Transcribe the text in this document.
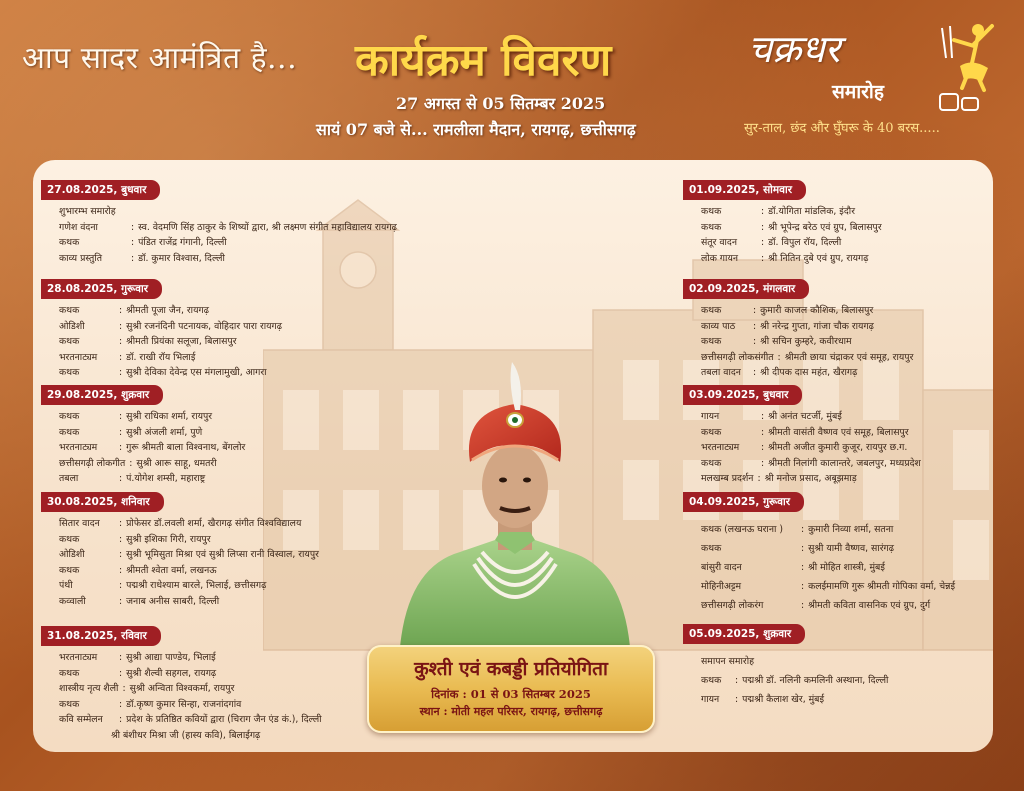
आप सादर आमंत्रित है... कार्यक्रम विवरण
27 अगस्त से 05 सितम्बर 2025
सायं 07 बजे से... रामलीला मैदान, रायगढ़, छत्तीसगढ़
चक्रधर
समारोह
सुर-ताल, छंद और घुँघरू के 40 बरस.....
27.08.2025, बुधवार
शुभारम्भ समारोह
गणेश वंदना	: स्व. वेदमणि सिंह ठाकुर के शिष्यों द्वारा, श्री लक्ष्मण संगीत महाविद्यालय रायगढ़
कथक	: पंडित राजेंद्र गंगानी, दिल्ली
काव्य प्रस्तुति	: डॉ. कुमार विश्वास, दिल्ली
28.08.2025, गुरूवार
कथक	: श्रीमती पूजा जैन, रायगढ़
ओडिशी	: सुश्री रजनंदिनी पटनायक, वोहिदार पारा रायगढ़
कथक	: श्रीमती प्रियंका सलूजा, बिलासपुर
भरतनाट्यम	: डॉ. राखी रॉय भिलाई
कथक	: सुश्री देविका देवेन्द्र एस मंगलामुखी, आगरा
29.08.2025, शुक्रवार
कथक	: सुश्री राधिका शर्मा, रायपुर
कथक	: सुश्री अंजली शर्मा, पुणे
भरतनाट्यम	: गुरू श्रीमती बाला विश्वनाथ, बेंगलोर
छत्तीसगढ़ी लोकगीत : सुश्री आरू साहू, धमतरी
तबला	: पं.योगेश शम्सी, महाराष्ट्र
30.08.2025, शनिवार
सितार वादन	: प्रोफेसर डॉ.लवली शर्मा, खैरागढ़ संगीत विश्वविद्यालय
कथक	: सुश्री इशिका गिरी, रायपुर
ओडिशी	: सुश्री भूमिसुता मिश्रा एवं सुश्री लिप्सा रानी विस्वाल, रायपुर
कथक	: श्रीमती श्वेता वर्मा, लखनऊ
पंथी	: पद्मश्री राधेश्याम बारले, भिलाई, छत्तीसगढ़
कव्वाली	: जनाब अनीस साबरी, दिल्ली
31.08.2025, रविवार
भरतनाट्यम	: सुश्री आद्या पाण्डेय, भिलाई
कथक	: सुश्री शैल्वी सहगल, रायगढ़
शास्त्रीय नृत्य शैली : सुश्री अन्विता विश्वकर्मा, रायपुर
कथक	: डॉ.कृष्ण कुमार सिन्हा, राजनांदगांव
कवि सम्मेलन	: प्रदेश के प्रतिष्ठित कवियों द्वारा (चिराग जैन एंड कं.), दिल्ली
श्री बंशीधर मिश्रा जी (हास्य कवि), बिलाईगढ़
01.09.2025, सोमवार
कथक	: डॉ.योगिता मांडलिक, इंदौर
कथक	: श्री भूपेन्द्र बरेठ एवं ग्रुप, बिलासपुर
संतूर वादन	: डॉ. विपुल रॉय, दिल्ली
लोक गायन	: श्री नितिन दुबे एवं ग्रुप, रायगढ़
02.09.2025, मंगलवार
कथक	: कुमारी काजल कौशिक, बिलासपुर
काव्य पाठ	: श्री नरेन्द्र गुप्ता, गांजा चौक रायगढ़
कथक	: श्री सचिन कुम्हरे, कवीरधाम
छत्तीसगढ़ी लोकसंगीत : श्रीमती छाया चंद्राकर एवं समूह, रायपुर
तबला वादन	: श्री दीपक दास महंत, खैरागढ़
03.09.2025, बुधवार
गायन	: श्री अनंत चटर्जी, मुंबई
कथक	: श्रीमती वासंती वैष्णव एवं समूह, बिलासपुर
भरतनाट्यम	: श्रीमती अजीत कुमारी कुजूर, रायपुर छ.ग.
कथक	: श्रीमती निलांगी कालान्तरे, जबलपुर, मध्यप्रदेश
मलखम्ब प्रदर्शन : श्री मनोज प्रसाद, अबूझमाड़
04.09.2025, गुरूवार
कथक (लखनऊ घराना )	: कुमारी निव्या शर्मा, सतना
कथक	: सुश्री यामी वैष्णव, सारंगढ़
बांसुरी वादन	: श्री मोहित शास्त्री, मुंबई
मोहिनीअट्टम	: कलईमामणि गुरू श्रीमती गोपिका वर्मा, चेन्नई
छत्तीसगढ़ी लोकरंग	: श्रीमती कविता वासनिक एवं ग्रुप, दुर्ग
05.09.2025, शुक्रवार
समापन समारोह
कथक	: पद्मश्री डॉ. नलिनी कमलिनी अस्थाना, दिल्ली
गायन	: पद्मश्री कैलाश खेर, मुंबई
कुश्ती एवं कबड्डी प्रतियोगिता
दिनांक : 01 से 03 सितम्बर 2025
स्थान : मोती महल परिसर, रायगढ़, छत्तीसगढ़
